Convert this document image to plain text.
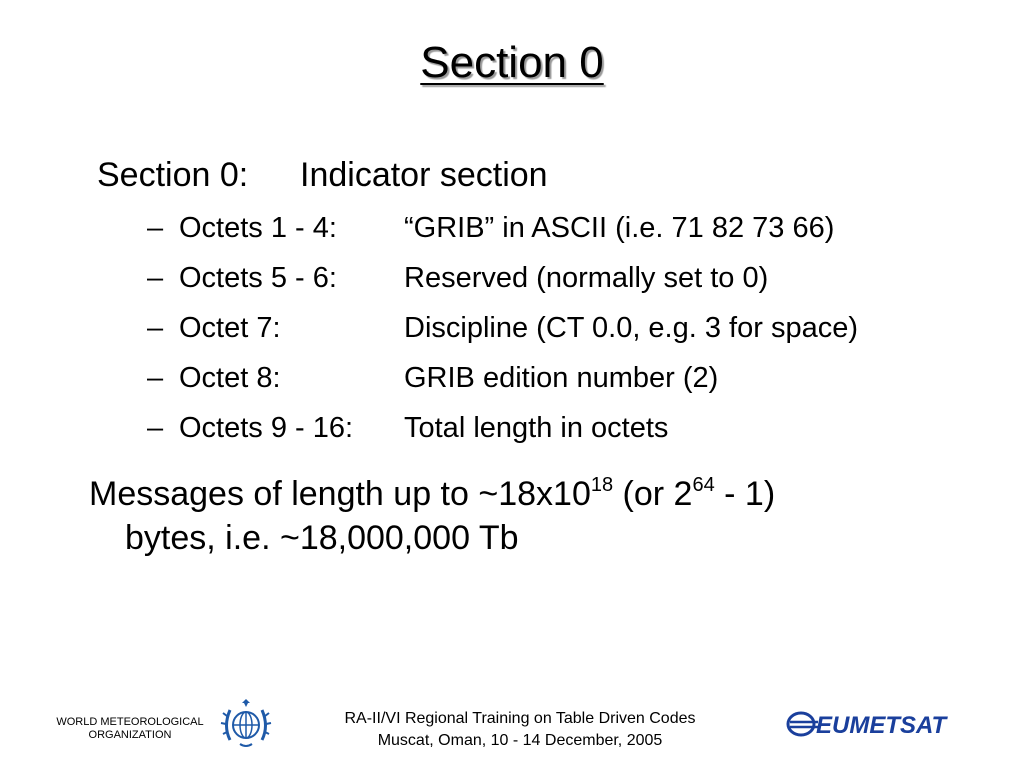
Section 0
Section 0:	Indicator section
– Octets 1 - 4:	“GRIB” in ASCII (i.e. 71 82 73 66)
– Octets 5 - 6:	Reserved (normally set to 0)
– Octet 7:	Discipline (CT 0.0, e.g. 3 for space)
– Octet 8:	GRIB edition number (2)
– Octets 9 - 16:	Total length in octets
Messages of length up to $\sim 18x10^{18}$ (or $2^{64} - 1$)
bytes, i.e. ~18,000,000 Tb
WORLD METEOROLOGICAL
ORGANIZATION
RA-II/VI Regional Training on Table Driven Codes
Muscat, Oman, 10 - 14 December, 2005
EUMETSAT
